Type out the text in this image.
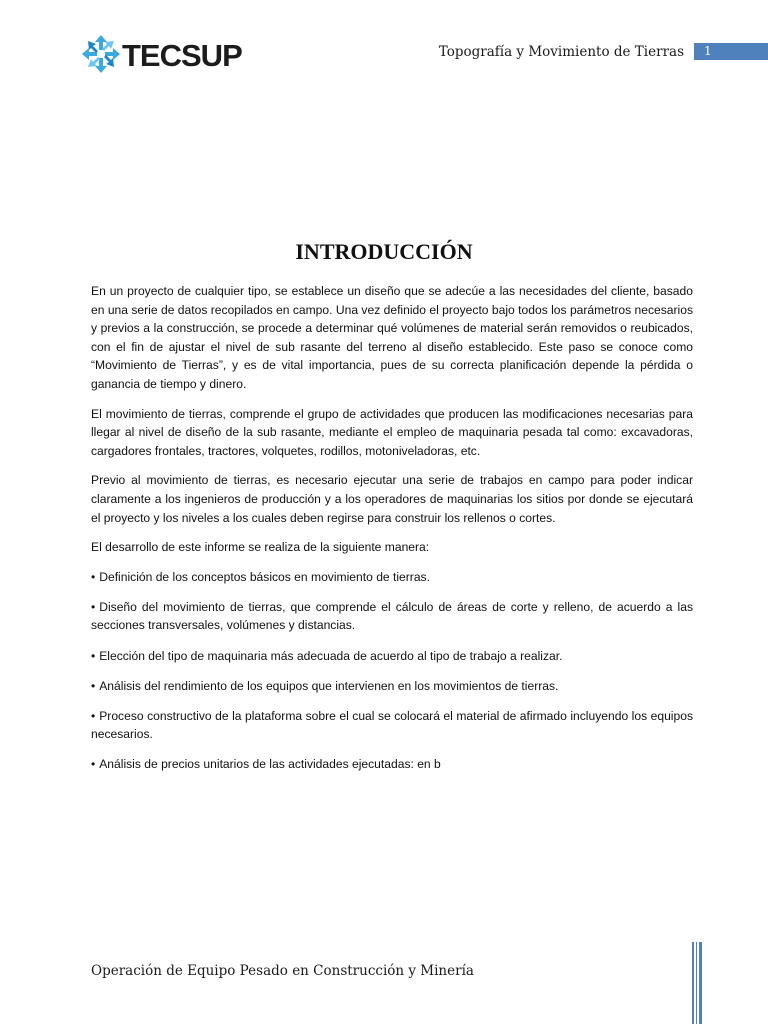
TECSUP	Topografía y Movimiento de Tierras	1
INTRODUCCIÓN

En un proyecto de cualquier tipo, se establece un diseño que se adecúe a las necesidades del cliente, basado en una serie de datos recopilados en campo. Una vez definido el proyecto bajo todos los parámetros necesarios y previos a la construcción, se procede a determinar qué volúmenes de material serán removidos o reubicados, con el fin de ajustar el nivel de sub rasante del terreno al diseño establecido. Este paso se conoce como “Movimiento de Tierras”, y es de vital importancia, pues de su correcta planificación depende la pérdida o ganancia de tiempo y dinero.

El movimiento de tierras, comprende el grupo de actividades que producen las modificaciones necesarias para llegar al nivel de diseño de la sub rasante, mediante el empleo de maquinaria pesada tal como: excavadoras, cargadores frontales, tractores, volquetes, rodillos, motoniveladoras, etc.

Previo al movimiento de tierras, es necesario ejecutar una serie de trabajos en campo para poder indicar claramente a los ingenieros de producción y a los operadores de maquinarias los sitios por donde se ejecutará el proyecto y los niveles a los cuales deben regirse para construir los rellenos o cortes.

El desarrollo de este informe se realiza de la siguiente manera:

• Definición de los conceptos básicos en movimiento de tierras.

• Diseño del movimiento de tierras, que comprende el cálculo de áreas de corte y relleno, de acuerdo a las secciones transversales, volúmenes y distancias.

• Elección del tipo de maquinaria más adecuada de acuerdo al tipo de trabajo a realizar.

• Análisis del rendimiento de los equipos que intervienen en los movimientos de tierras.

• Proceso constructivo de la plataforma sobre el cual se colocará el material de afirmado incluyendo los equipos necesarios.

• Análisis de precios unitarios de las actividades ejecutadas: en b

Operación de Equipo Pesado en Construcción y Minería
